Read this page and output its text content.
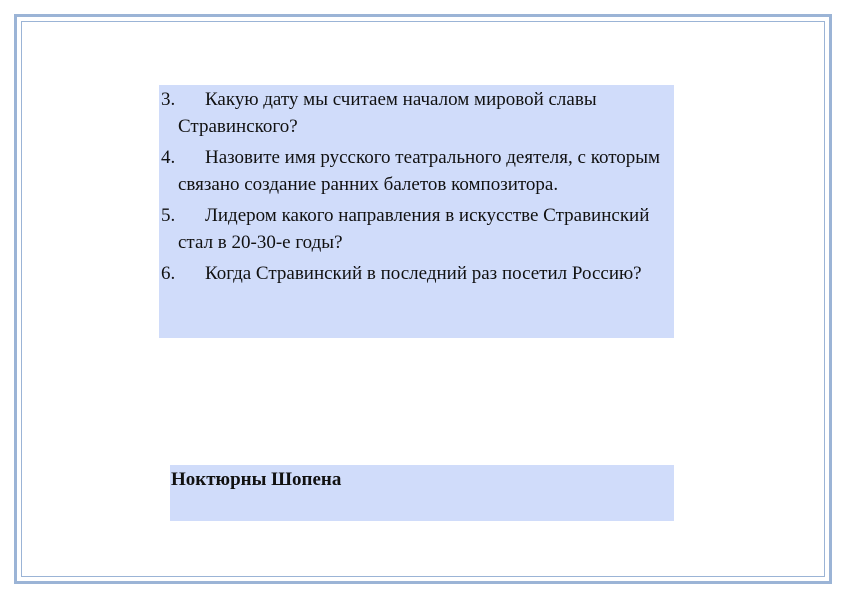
3.	Какую дату мы считаем началом мировой славы Стравинского?
4.	Назовите имя русского театрального деятеля, с которым связано создание ранних балетов композитора.
5.	Лидером какого направления в искусстве Стравинский стал в 20-30-е годы?
6.	Когда Стравинский в последний раз посетил Россию?
Ноктюрны Шопена
